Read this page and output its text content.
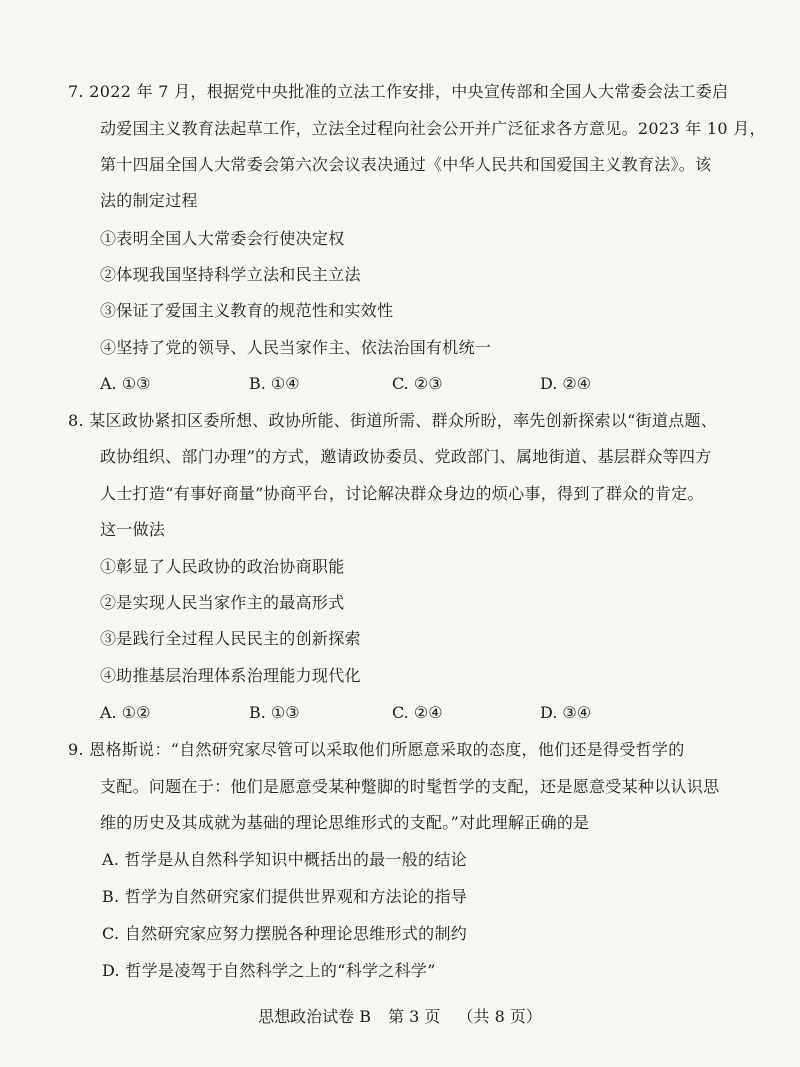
7. 2022 年 7 月，根据党中央批准的立法工作安排，中央宣传部和全国人大常委会法工委启
动爱国主义教育法起草工作，立法全过程向社会公开并广泛征求各方意见。2023 年 10 月，
第十四届全国人大常委会第六次会议表决通过《中华人民共和国爱国主义教育法》。该
法的制定过程
①表明全国人大常委会行使决定权
②体现我国坚持科学立法和民主立法
③保证了爱国主义教育的规范性和实效性
④坚持了党的领导、人民当家作主、依法治国有机统一
A. ①③	B. ①④	C. ②③	D. ②④
8. 某区政协紧扣区委所想、政协所能、街道所需、群众所盼，率先创新探索以“街道点题、
政协组织、部门办理”的方式，邀请政协委员、党政部门、属地街道、基层群众等四方
人士打造“有事好商量”协商平台，讨论解决群众身边的烦心事，得到了群众的肯定。
这一做法
①彰显了人民政协的政治协商职能
②是实现人民当家作主的最高形式
③是践行全过程人民民主的创新探索
④助推基层治理体系治理能力现代化
A. ①②	B. ①③	C. ②④	D. ③④
9. 恩格斯说：“自然研究家尽管可以采取他们所愿意采取的态度，他们还是得受哲学的
支配。问题在于：他们是愿意受某种蹩脚的时髦哲学的支配，还是愿意受某种以认识思
维的历史及其成就为基础的理论思维形式的支配。”对此理解正确的是
A. 哲学是从自然科学知识中概括出的最一般的结论
B. 哲学为自然研究家们提供世界观和方法论的指导
C. 自然研究家应努力摆脱各种理论思维形式的制约
D. 哲学是凌驾于自然科学之上的“科学之科学”
思想政治试卷 B 第 3 页 （共 8 页）
